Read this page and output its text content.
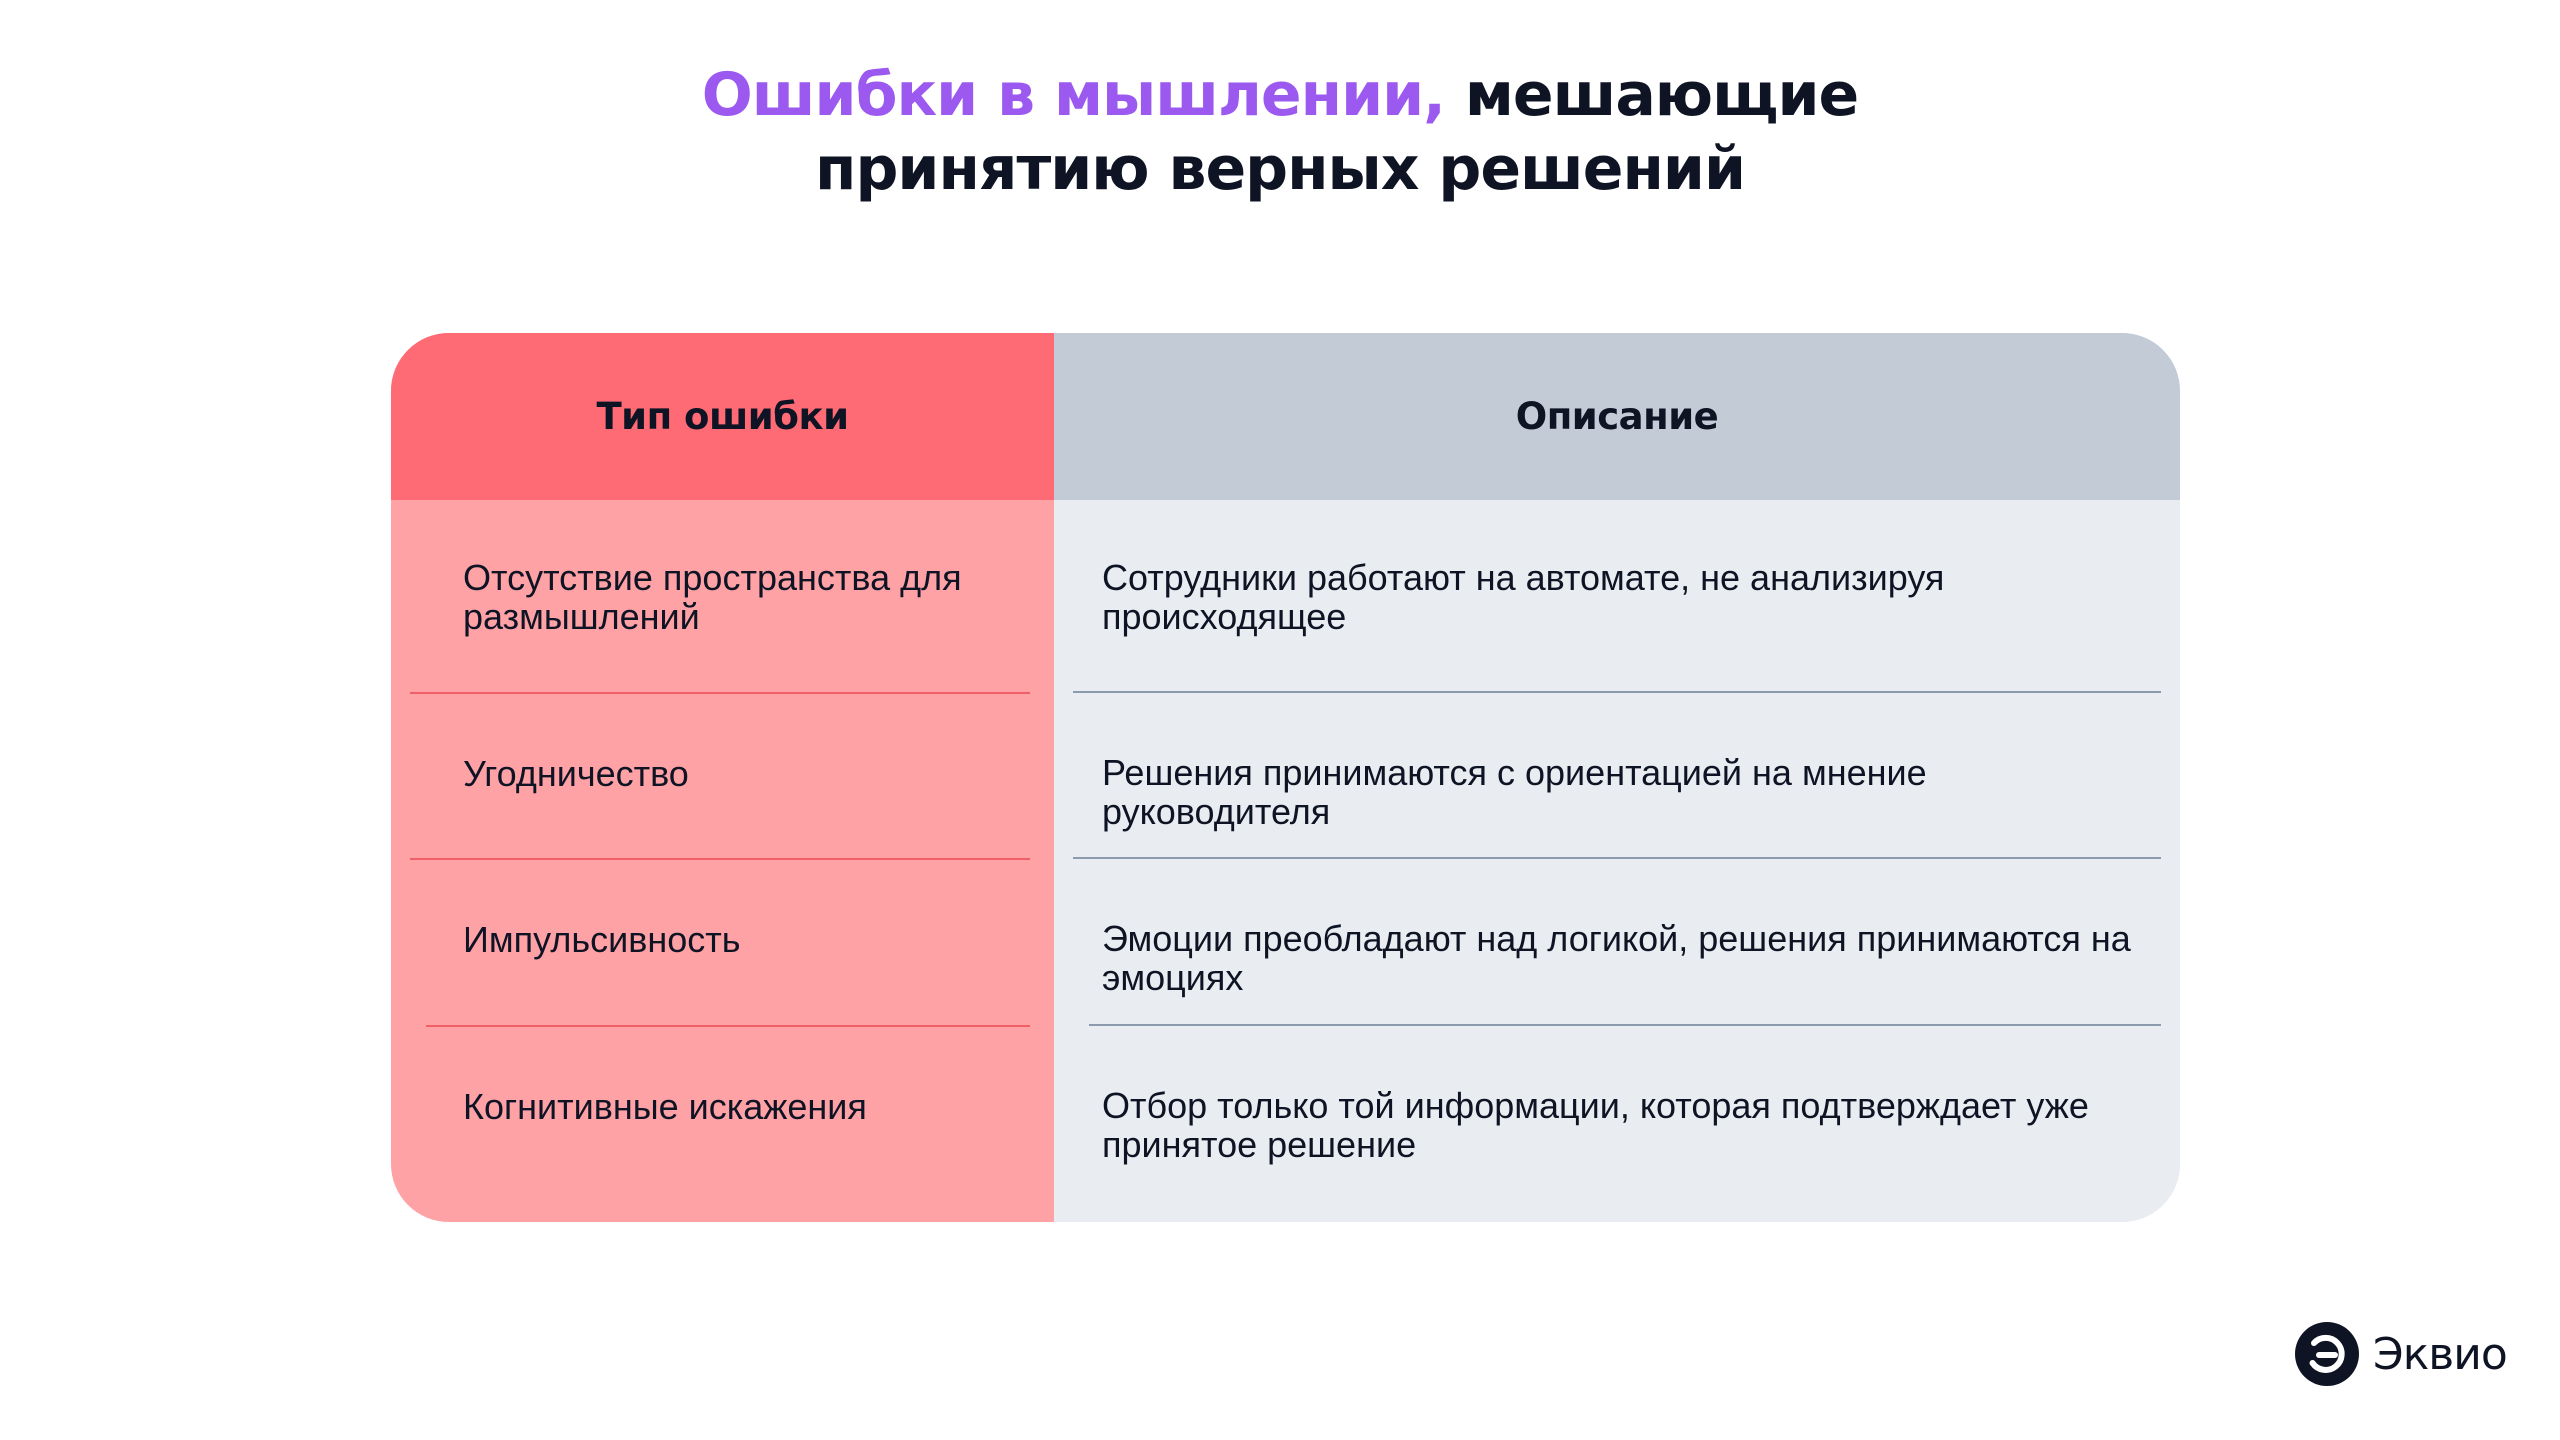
Ошибки в мышлении, мешающие
принятию верных решений
Тип ошибки
Отсутствие пространства для размышлений
Угодничество
Импульсивность
Когнитивные искажения
Описание
Сотрудники работают на автомате, не анализируя происходящее
Решения принимаются с ориентацией на мнение руководителя
Эмоции преобладают над логикой, решения принимаются на эмоциях
Отбор только той информации, которая подтверждает уже принятое решение
Эквио
